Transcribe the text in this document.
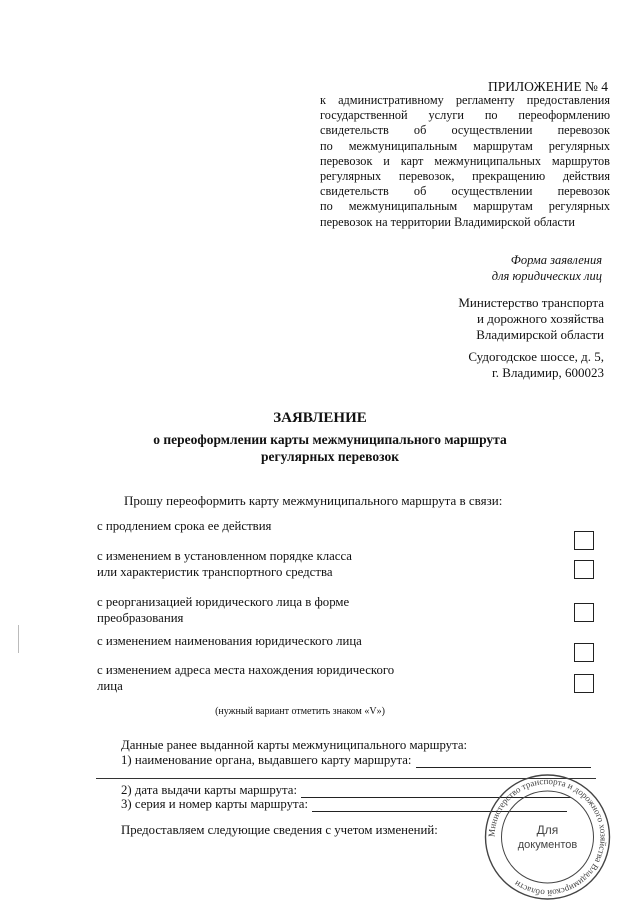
ПРИЛОЖЕНИЕ № 4
к административному регламенту предоставления
государственной услуги по переоформлению
свидетельств об осуществлении перевозок
по межмуниципальным маршрутам регулярных
перевозок и карт межмуниципальных маршрутов
регулярных перевозок, прекращению действия
свидетельств об осуществлении перевозок
по межмуниципальным маршрутам регулярных
перевозок на территории Владимирской области
Форма заявления
для юридических лиц
Министерство транспорта
и дорожного хозяйства
Владимирской области
Судогодское шоссе, д. 5,
г. Владимир, 600023
ЗАЯВЛЕНИЕ
о переоформлении карты межмуниципального маршрута
регулярных перевозок
Прошу переоформить карту межмуниципального маршрута в связи:
с продлением срока ее действия
с изменением в установленном порядке класса
или характеристик транспортного средства
с реорганизацией юридического лица в форме
преобразования
с изменением наименования юридического лица
с изменением адреса места нахождения юридического
лица
(нужный вариант отметить знаком «V»)
Данные ранее выданной карты межмуниципального маршрута:
1) наименование органа, выдавшего карту маршрута:
2) дата выдачи карты маршрута:
3) серия и номер карты маршрута:
Предоставляем следующие сведения с учетом изменений:	Министерство транспорта и дорожного хозяйства Владимирской области
Для
документов
